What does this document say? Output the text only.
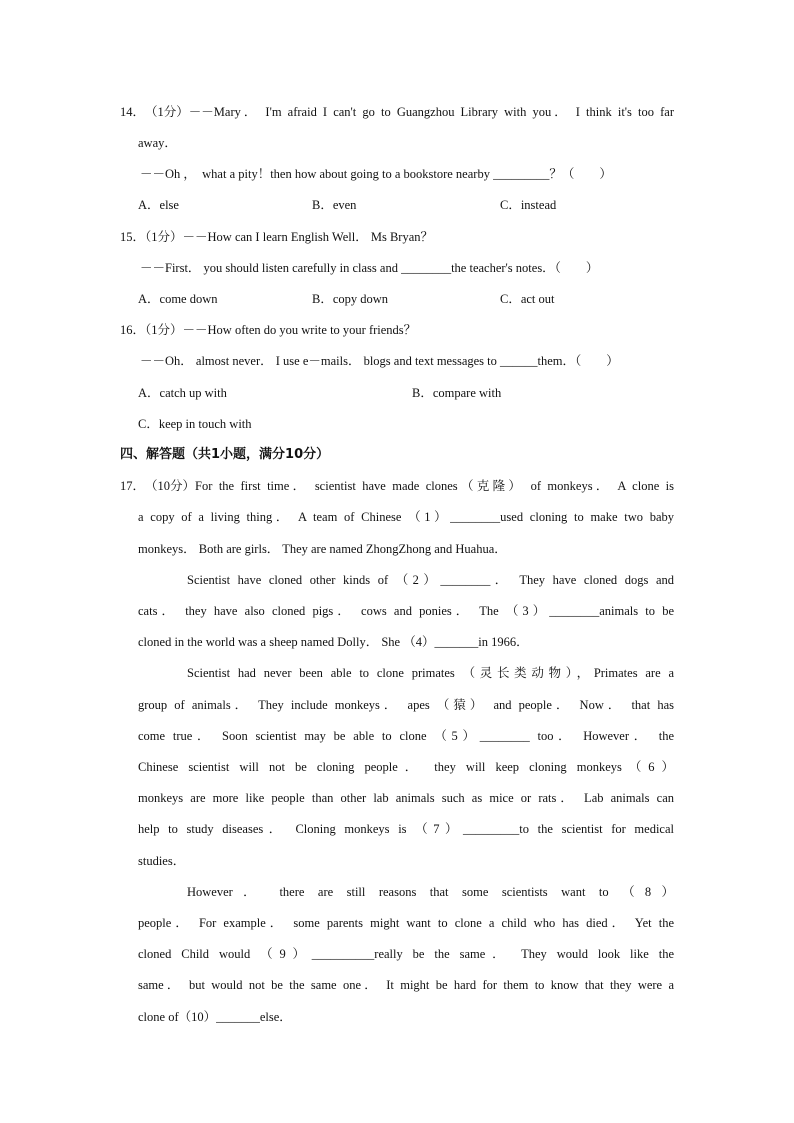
14． （1分） －－Mary． I'm afraid I can't go to Guangzhou Library with you． I think it's too far
away．
－－Oh ，  what a pity！then how about going to a bookstore nearby _________？（        ）
A．else	B．even	C．instead
15．（1分）－－How can I learn English Well． Ms Bryan？
－－First． you should listen carefully in class and ________the teacher's notes．（        ）
A．come down	B．copy down	C．act out
16．（1分）－－How often do you write to your friends？
－－Oh． almost never． I use e－mails． blogs and text messages to ______them．（        ）
A．catch up with	B．compare with
C．keep in touch with
四、解答题（共1小题，满分10分）
17． （10分） For the first time． scientist have made clones（克隆） of monkeys． A clone is
a copy of a living thing． A team of Chinese （1）________used cloning to make two baby
monkeys． Both are girls． They are named ZhongZhong and Huahua．
Scientist have cloned other kinds of （2）________． They have cloned dogs and
cats． they have also cloned pigs． cows and ponies． The （3）________animals to be
cloned in the world was a sheep named Dolly． She （4）_______in 1966．
Scientist had never been able to clone primates （灵长类动物），Primates are a
group of animals． They include monkeys． apes （猿） and people． Now． that has
come true． Soon scientist may be able to clone （5）________ too． However． the
Chinese scientist will not be cloning people． they will keep cloning monkeys（6）
monkeys are more like people than other lab animals such as mice or rats． Lab animals can
help to study diseases． Cloning monkeys is （7）_________to the scientist for medical
studies．
However． there are still reasons that some scientists want to （8）
people． For example． some parents might want to clone a child who has died． Yet the
cloned Child would （9）__________really be the same． They would look like the
same． but would not be the same one． It might be hard for them to know that they were a
clone of（10）_______else．
